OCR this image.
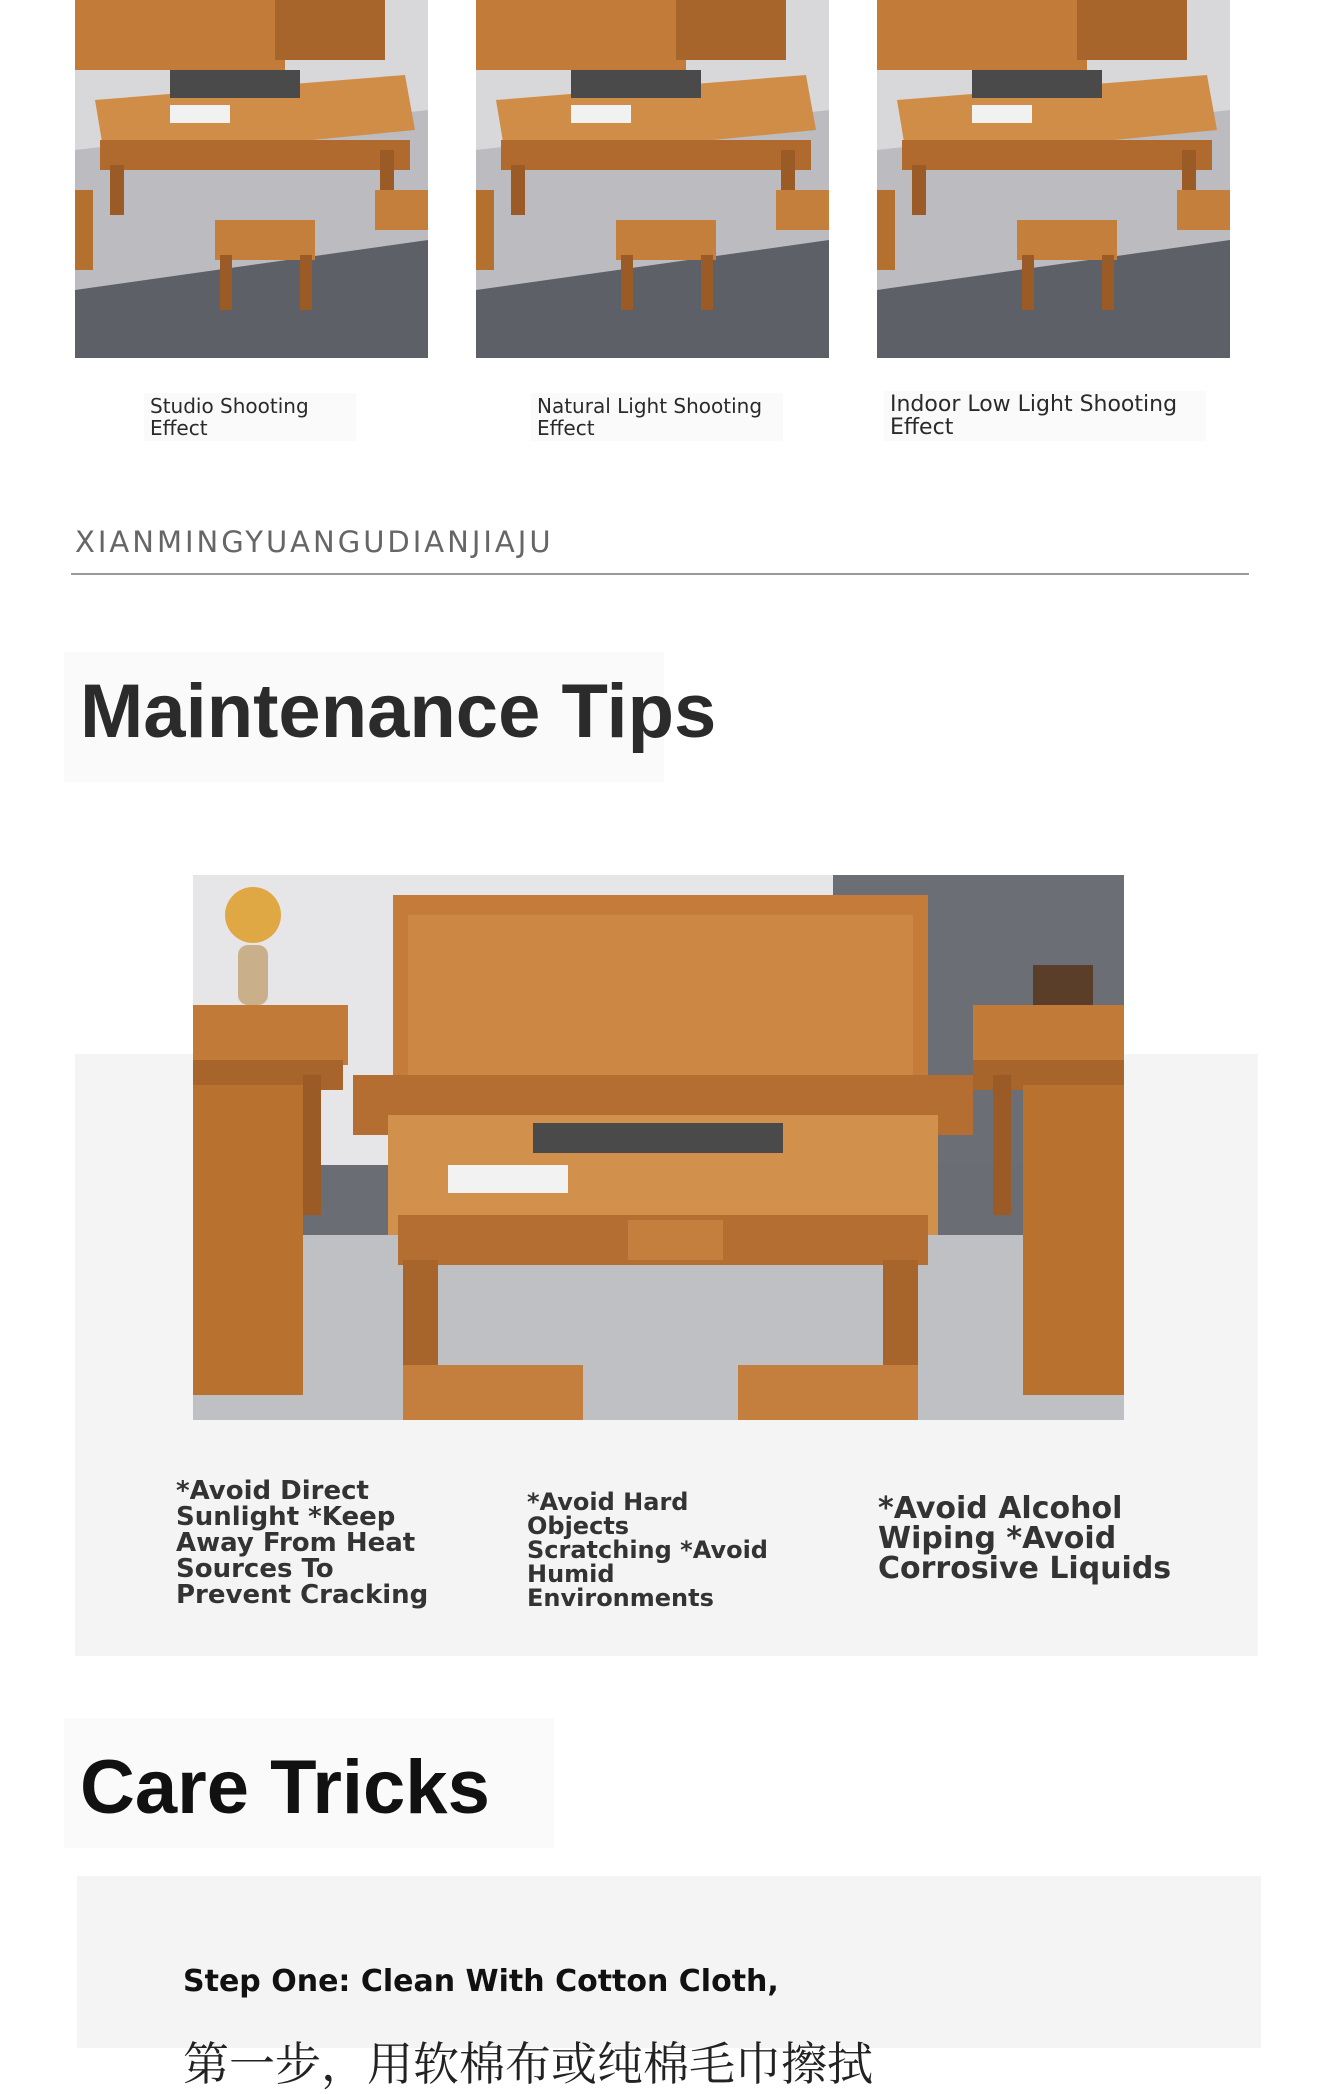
Studio Shooting Effect
Natural Light Shooting Effect
Indoor Low Light Shooting Effect
XIANMINGYUANGUDIANJIAJU
Maintenance Tips
*Avoid Direct Sunlight *Keep Away From Heat Sources To Prevent Cracking
*Avoid Hard Objects Scratching *Avoid Humid Environments
*Avoid Alcohol Wiping *Avoid Corrosive Liquids
Care Tricks
Step One: Clean With Cotton Cloth,
第一步，用软棉布或纯棉毛巾擦拭
